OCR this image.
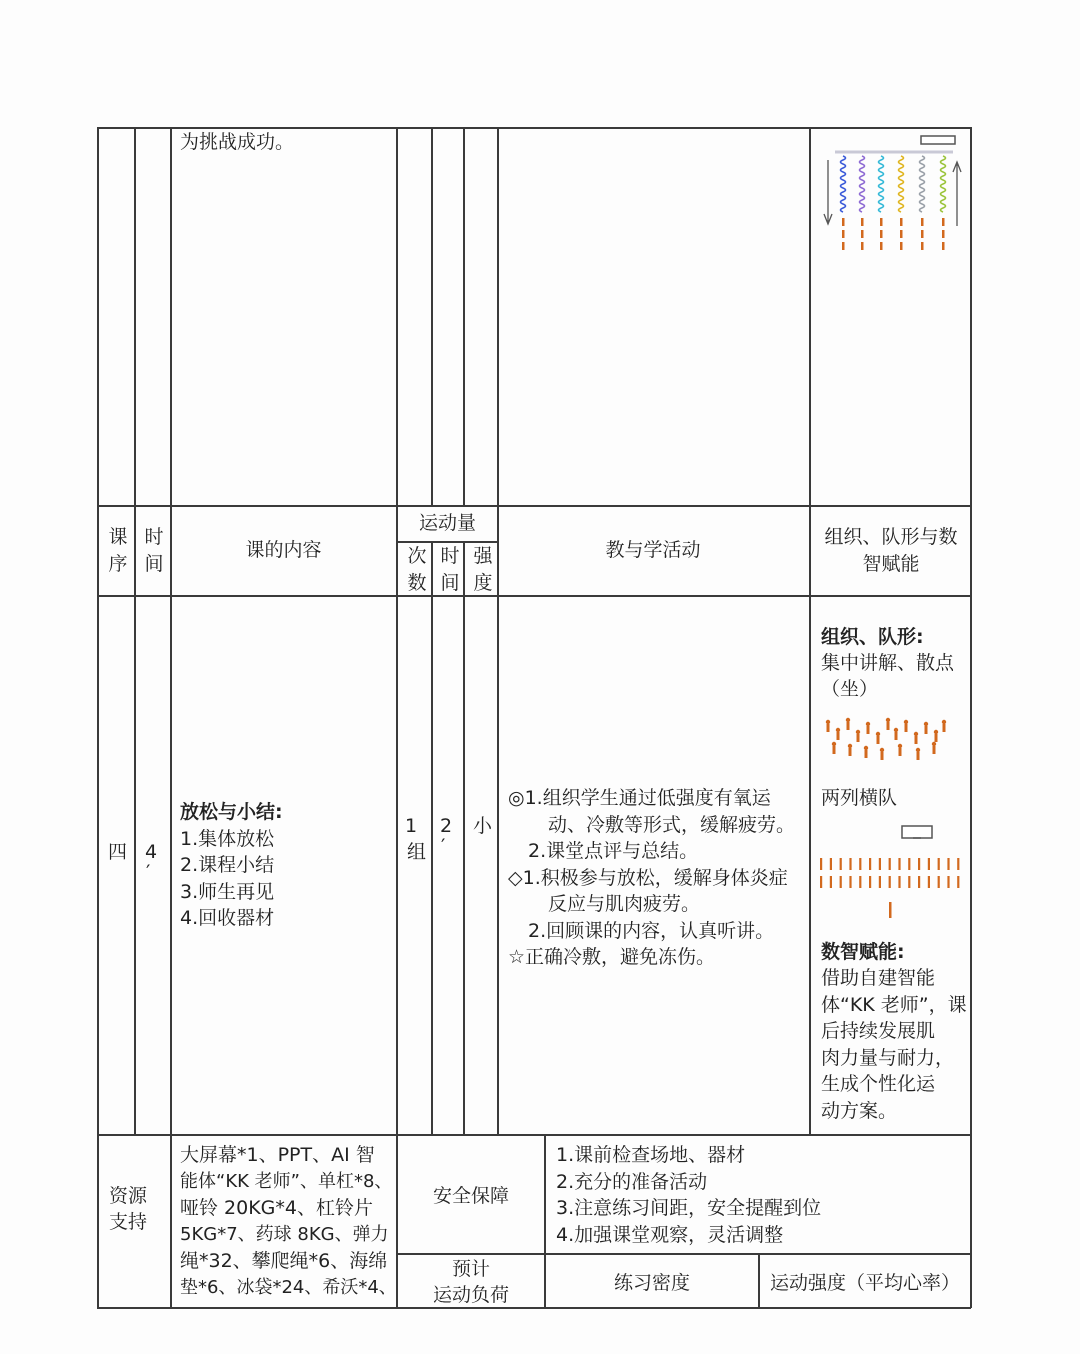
为挑战成功。
课序
时间
课的内容
运动量
次数
时间
强度
教与学活动
组织、队形与数
智赋能
四 4
′
放松与小结:
1.集体放松
2.课程小结
3.师生再见
4.回收器材
1
组
2
′
小
◎1.组织学生通过低强度有氧运
动、冷敷等形式，缓解疲劳。
2.课堂点评与总结。
◇1.积极参与放松，缓解身体炎症
反应与肌肉疲劳。
2.回顾课的内容，认真听讲。
☆正确冷敷，避免冻伤。
组织、队形:
集中讲解、散点
（坐）
两列横队
数智赋能:
借助自建智能
体“KK 老师”，课
后持续发展肌
肉力量与耐力，
生成个性化运
动方案。
资源
支持
大屏幕*1、PPT、AI 智
能体“KK 老师”、单杠*8、
哑铃 20KG*4、杠铃片
5KG*7、药球 8KG、弹力
绳*32、攀爬绳*6、海绵
垫*6、冰袋*24、希沃*4、
安全保障
1.课前检查场地、器材
2.充分的准备活动
3.注意练习间距，安全提醒到位
4.加强课堂观察，灵活调整
预计
运动负荷
练习密度	运动强度（平均心率）
